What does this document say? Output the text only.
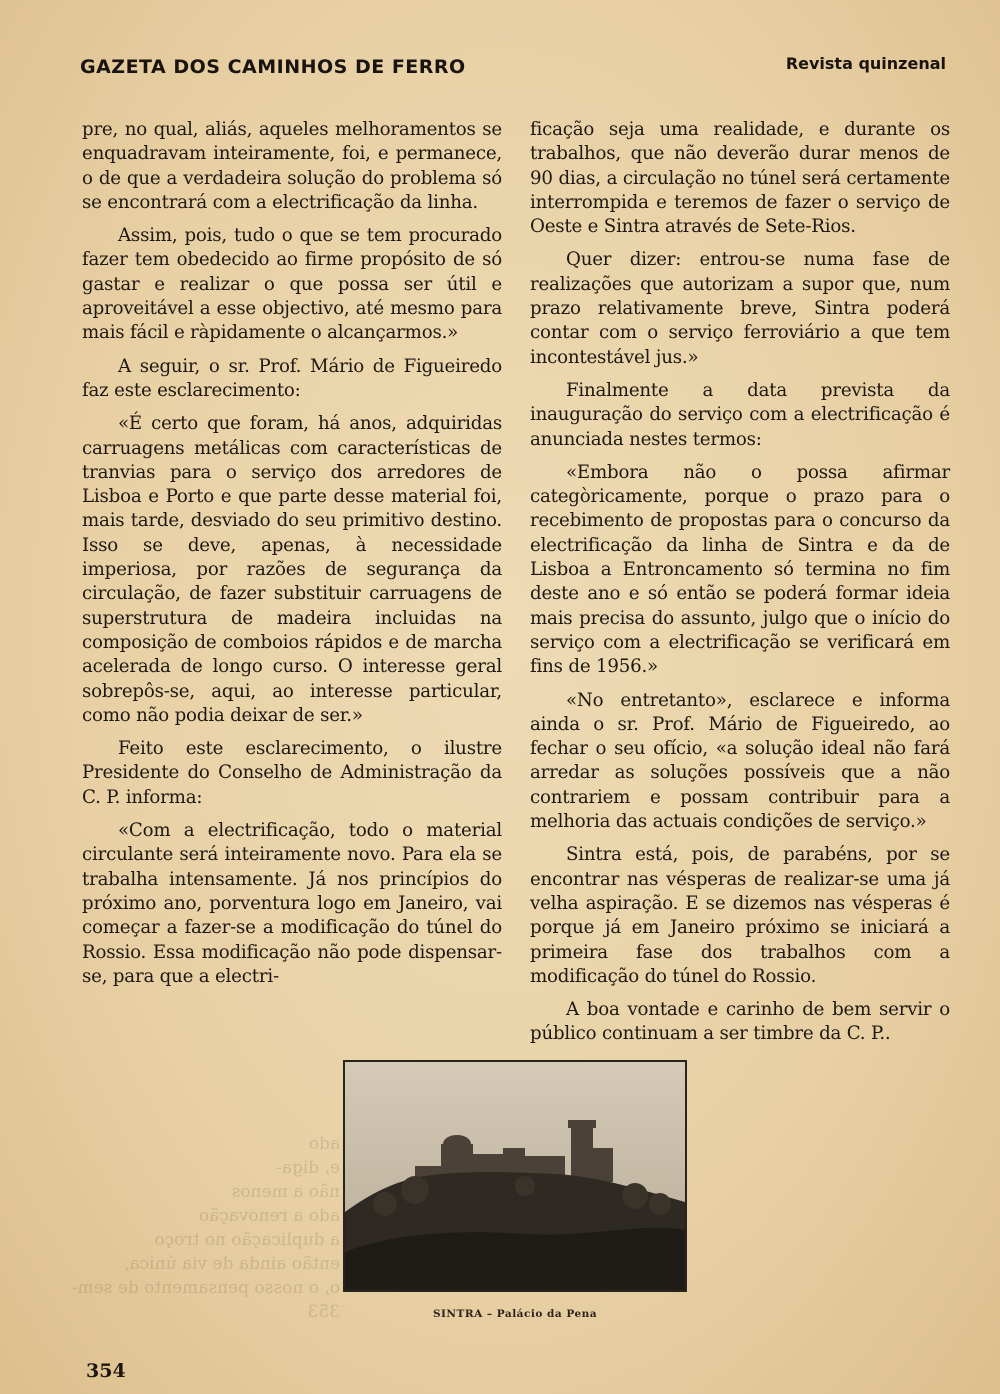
GAZETA DOS CAMINHOS DE FERRO	Revista quinzenal

pre, no qual, aliás, aqueles melhoramentos se enquadravam inteiramente, foi, e permanece, o de que a verdadeira solução do problema só se encontrará com a electrificação da linha.

Assim, pois, tudo o que se tem procurado fazer tem obedecido ao firme propósito de só gastar e realizar o que possa ser útil e aproveitável a esse objectivo, até mesmo para mais fácil e ràpidamente o alcançarmos.»

A seguir, o sr. Prof. Mário de Figueiredo faz este esclarecimento:

«É certo que foram, há anos, adquiridas carruagens metálicas com características de tranvias para o serviço dos arredores de Lisboa e Porto e que parte desse material foi, mais tarde, desviado do seu primitivo destino. Isso se deve, apenas, à necessidade imperiosa, por razões de segurança da circulação, de fazer substituir carruagens de superstrutura de madeira incluidas na composição de comboios rápidos e de marcha acelerada de longo curso. O interesse geral sobrepôs-se, aqui, ao interesse particular, como não podia deixar de ser.»

Feito este esclarecimento, o ilustre Presidente do Conselho de Administração da C. P. informa:

«Com a electrificação, todo o material circulante será inteiramente novo. Para ela se trabalha intensamente. Já nos princípios do próximo ano, porventura logo em Janeiro, vai começar a fazer-se a modificação do túnel do Rossio. Essa modificação não pode dispensar-se, para que a electri-

ficação seja uma realidade, e durante os trabalhos, que não deverão durar menos de 90 dias, a circulação no túnel será certamente interrompida e teremos de fazer o serviço de Oeste e Sintra através de Sete-Rios.

Quer dizer: entrou-se numa fase de realizações que autorizam a supor que, num prazo relativamente breve, Sintra poderá contar com o serviço ferroviário a que tem incontestável jus.»

Finalmente a data prevista da inauguração do serviço com a electrificação é anunciada nestes termos:

«Embora não o possa afirmar categòricamente, porque o prazo para o recebimento de propostas para o concurso da electrificação da linha de Sintra e da de Lisboa a Entroncamento só termina no fim deste ano e só então se poderá formar ideia mais precisa do assunto, julgo que o início do serviço com a electrificação se verificará em fins de 1956.»

«No entretanto», esclarece e informa ainda o sr. Prof. Mário de Figueiredo, ao fechar o seu ofício, «a solução ideal não fará arredar as soluções possíveis que a não contrariem e possam contribuir para a melhoria das actuais condições de serviço.»

Sintra está, pois, de parabéns, por se encontrar nas vésperas de realizar-se uma já velha aspiração. E se dizemos nas vésperas é porque já em Janeiro próximo se iniciará a primeira fase dos trabalhos com a modificação do túnel do Rossio.

A boa vontade e carinho de bem servir o público continuam a ser timbre da C. P..

ado
e, diga-
não a menos
ado a renovação
a duplicação no troço
então ainda de via única,
o, o nosso pensamento de sem-
353	SINTRA – Palácio da Pena
354
